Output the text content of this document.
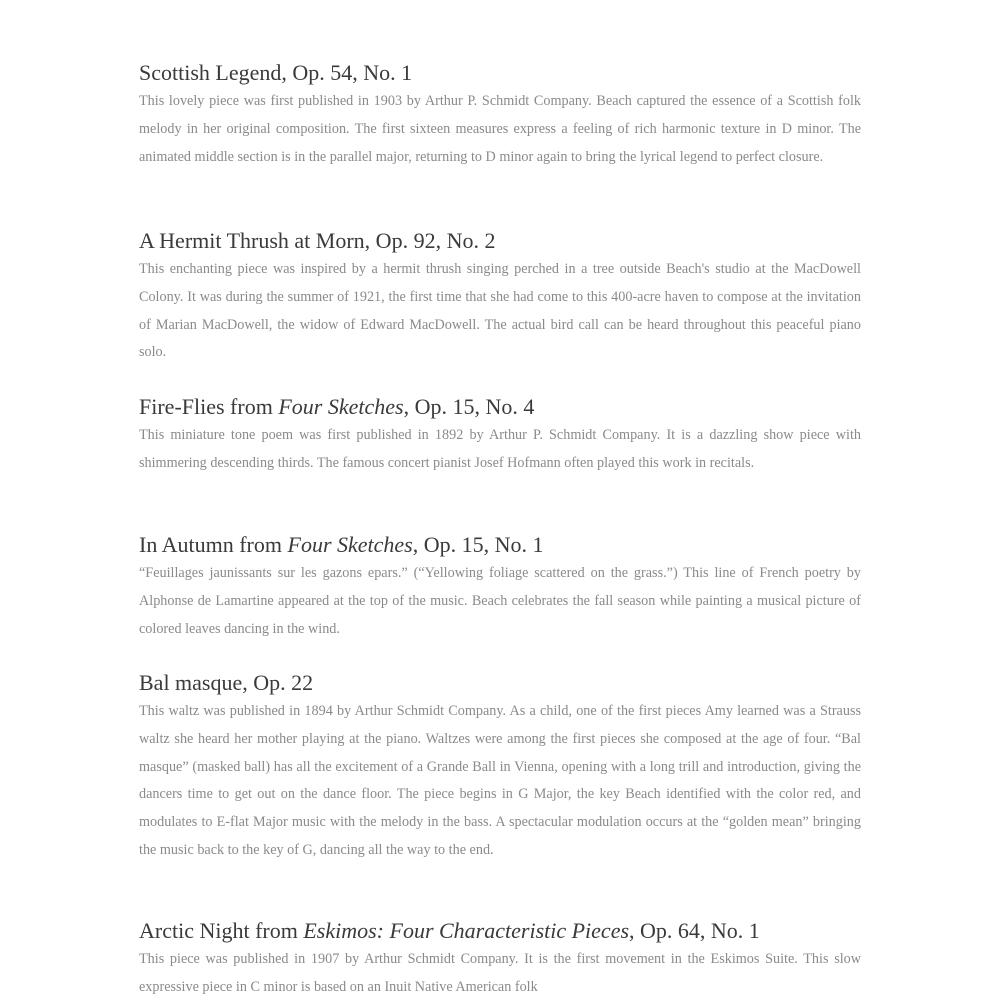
Scottish Legend, Op. 54, No. 1

This lovely piece was first published in 1903 by Arthur P. Schmidt Company. Beach captured the essence of a Scottish folk melody in her original composition. The first sixteen measures express a feeling of rich harmonic texture in D minor. The animated middle section is in the parallel major, returning to D minor again to bring the lyrical legend to perfect closure.

A Hermit Thrush at Morn, Op. 92, No. 2

This enchanting piece was inspired by a hermit thrush singing perched in a tree outside Beach's studio at the MacDowell Colony. It was during the summer of 1921, the first time that she had come to this 400-acre haven to compose at the invitation of Marian MacDowell, the widow of Edward MacDowell. The actual bird call can be heard throughout this peaceful piano solo.

Fire-Flies from Four Sketches, Op. 15, No. 4

This miniature tone poem was first published in 1892 by Arthur P. Schmidt Company. It is a dazzling show piece with shimmering descending thirds. The famous concert pianist Josef Hofmann often played this work in recitals.

In Autumn from Four Sketches, Op. 15, No. 1

“Feuillages jaunissants sur les gazons epars.” (“Yellowing foliage scattered on the grass.”) This line of French poetry by Alphonse de Lamartine appeared at the top of the music. Beach celebrates the fall season while painting a musical picture of colored leaves dancing in the wind.

Bal masque, Op. 22

This waltz was published in 1894 by Arthur Schmidt Company. As a child, one of the first pieces Amy learned was a Strauss waltz she heard her mother playing at the piano. Waltzes were among the first pieces she composed at the age of four. “Bal masque” (masked ball) has all the excitement of a Grande Ball in Vienna, opening with a long trill and introduction, giving the dancers time to get out on the dance floor. The piece begins in G Major, the key Beach identified with the color red, and modulates to E-flat Major music with the melody in the bass. A spectacular modulation occurs at the “golden mean” bringing the music back to the key of G, dancing all the way to the end.

Arctic Night from Eskimos: Four Characteristic Pieces, Op. 64, No. 1

This piece was published in 1907 by Arthur Schmidt Company. It is the first movement in the Eskimos Suite. This slow expressive piece in C minor is based on an Inuit Native American folk
